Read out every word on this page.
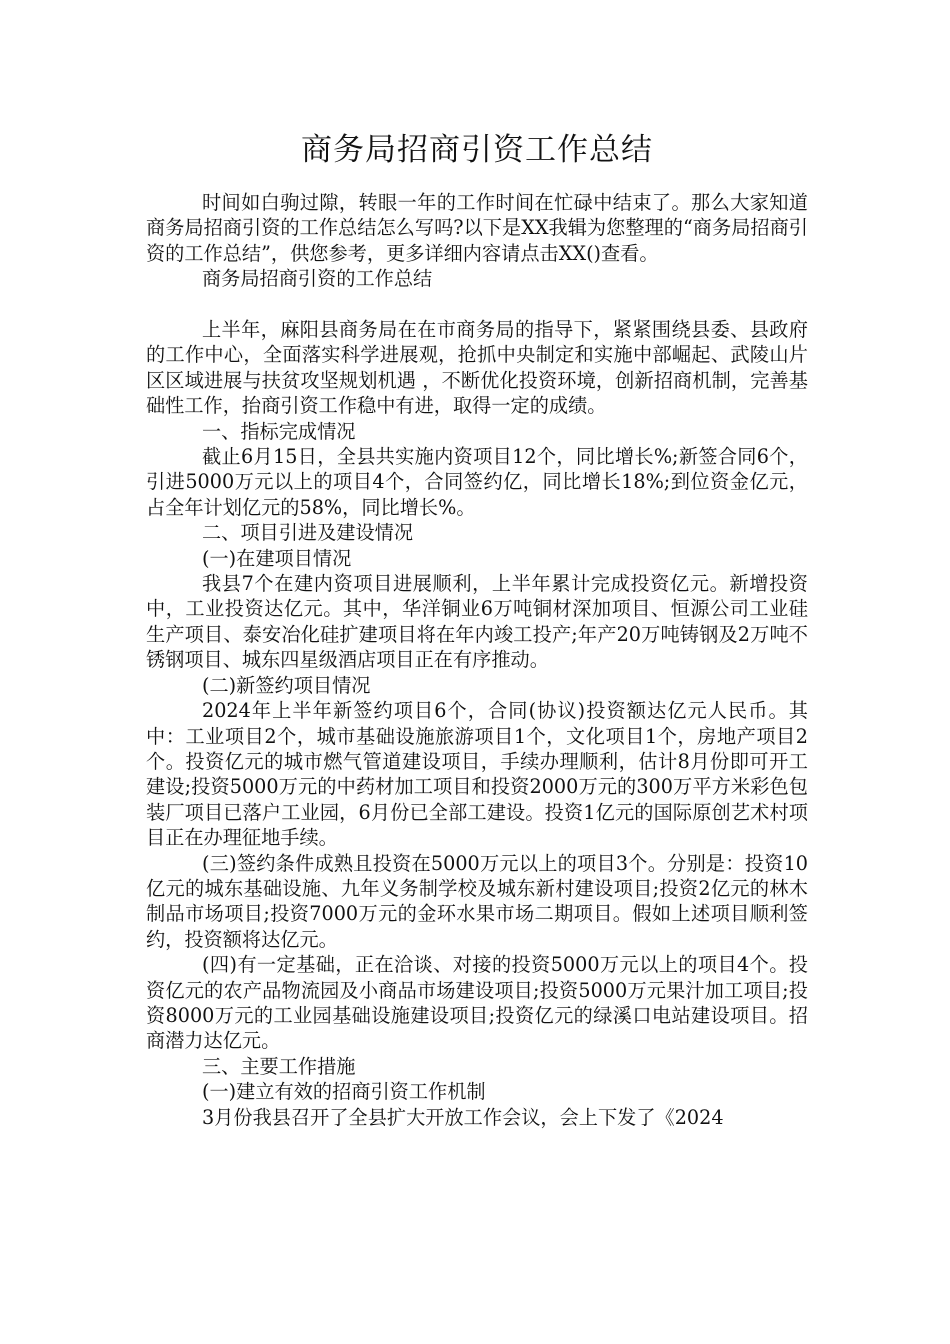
商务局招商引资工作总结

时间如白驹过隙，转眼一年的工作时间在忙碌中结束了。那么大家知道商务局招商引资的工作总结怎么写吗?以下是XX我辑为您整理的“商务局招商引资的工作总结”，供您参考，更多详细内容请点击XX()查看。

商务局招商引资的工作总结

上半年，麻阳县商务局在在市商务局的指导下，紧紧围绕县委、县政府的工作中心，全面落实科学进展观，抢抓中央制定和实施中部崛起、武陵山片区区域进展与扶贫攻坚规划机遇 ，不断优化投资环境，创新招商机制，完善基础性工作，抬商引资工作稳中有进，取得一定的成绩。

一、指标完成情况

截止6月15日，全县共实施内资项目12个，同比增长%;新签合同6个，引进5000万元以上的项目4个，合同签约亿，同比增长18%;到位资金亿元，占全年计划亿元的58%，同比增长%。

二、项目引进及建设情况

(一)在建项目情况

我县7个在建内资项目进展顺利，上半年累计完成投资亿元。新增投资中，工业投资达亿元。其中，华洋铜业6万吨铜材深加项目、恒源公司工业硅生产项目、泰安冶化硅扩建项目将在年内竣工投产;年产20万吨铸钢及2万吨不锈钢项目、城东四星级酒店项目正在有序推动。

(二)新签约项目情况

2024年上半年新签约项目6个，合同(协议)投资额达亿元人民币。其中：工业项目2个，城市基础设施旅游项目1个，文化项目1个，房地产项目2个。投资亿元的城市燃气管道建设项目，手续办理顺利，估计8月份即可开工建设;投资5000万元的中药材加工项目和投资2000万元的300万平方米彩色包装厂项目已落户工业园，6月份已全部工建设。投资1亿元的国际原创艺术村项目正在办理征地手续。

(三)签约条件成熟且投资在5000万元以上的项目3个。分别是：投资10亿元的城东基础设施、九年义务制学校及城东新村建设项目;投资2亿元的林木制品市场项目;投资7000万元的金环水果市场二期项目。假如上述项目顺利签约，投资额将达亿元。

(四)有一定基础，正在洽谈、对接的投资5000万元以上的项目4个。投资亿元的农产品物流园及小商品市场建设项目;投资5000万元果汁加工项目;投资8000万元的工业园基础设施建设项目;投资亿元的绿溪口电站建设项目。招商潜力达亿元。

三、主要工作措施

(一)建立有效的招商引资工作机制

3月份我县召开了全县扩大开放工作会议，会上下发了《2024
